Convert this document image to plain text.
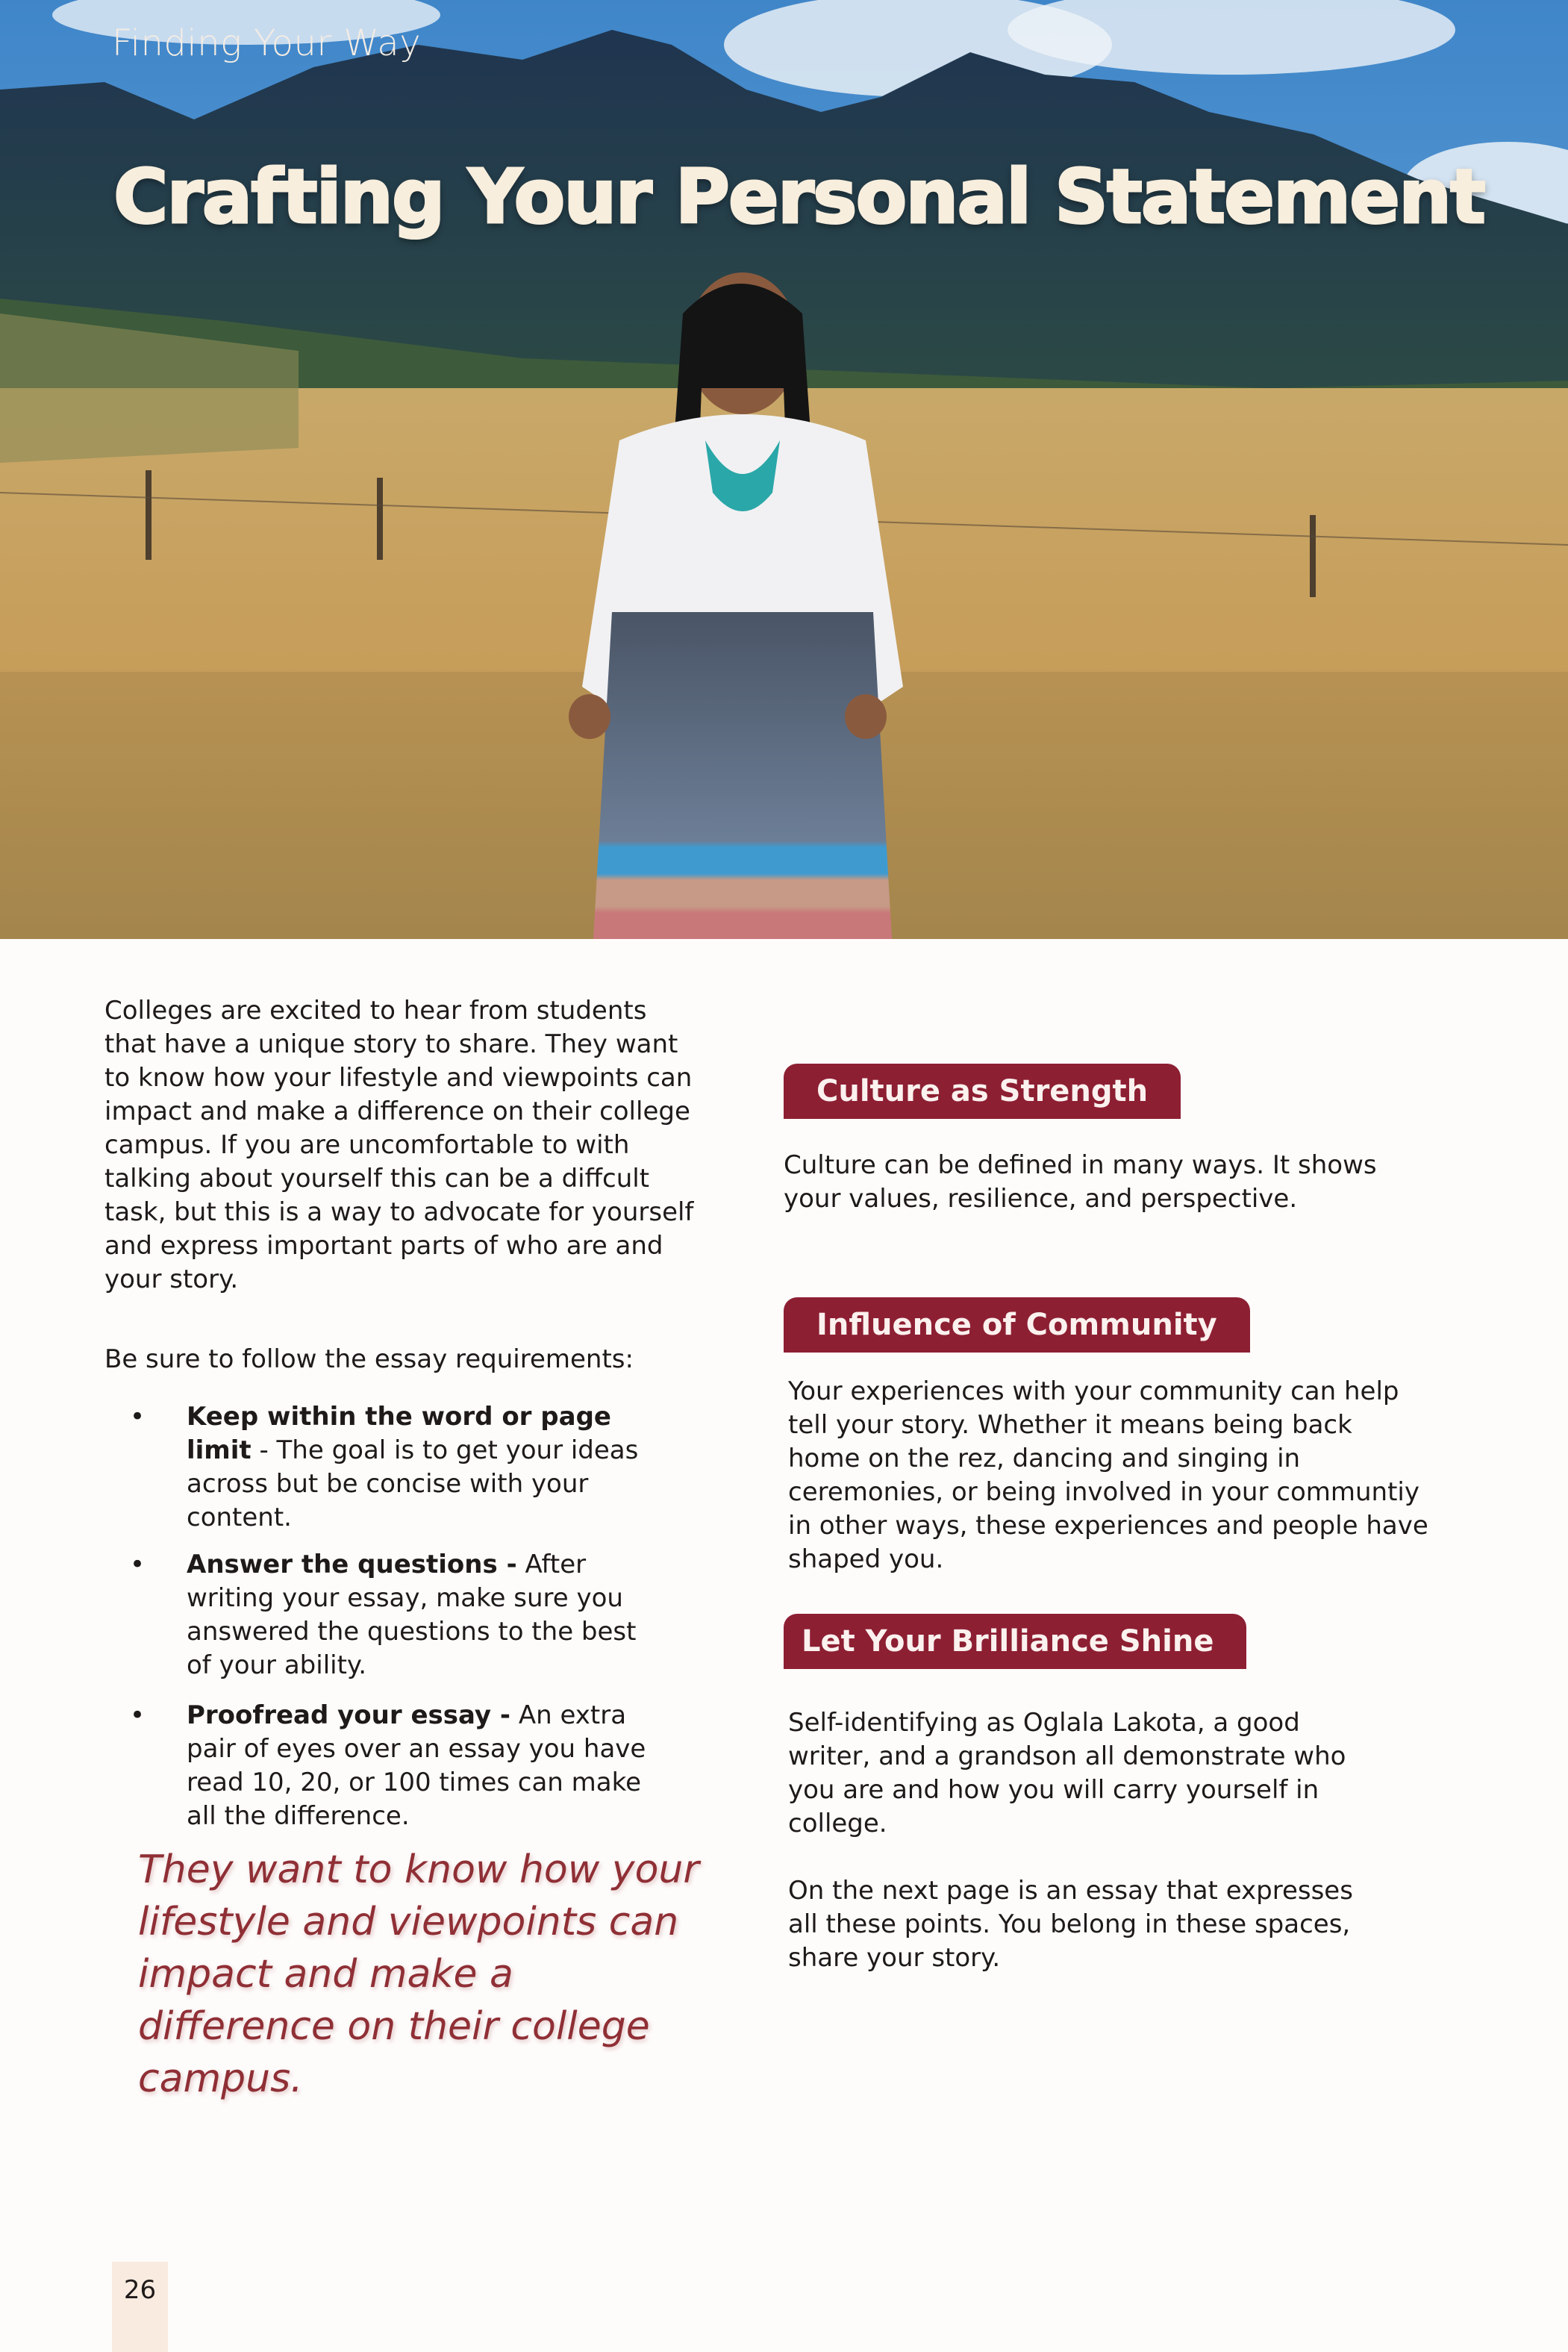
Finding Your Way
Crafting Your Personal Statement

Colleges are excited to hear from students that have a unique story to share. They want to know how your lifestyle and viewpoints can impact and make a difference on their college campus. If you are uncomfortable to with talking about yourself this can be a diffcult task, but this is a way to advocate for yourself and express important parts of who are and your story.

Be sure to follow the essay requirements:

• Keep within the word or page limit - The goal is to get your ideas across but be concise with your content.
• Answer the questions - After writing your essay, make sure you answered the questions to the best of your ability.
• Proofread your essay - An extra pair of eyes over an essay you have read 10, 20, or 100 times can make all the difference.
They want to know how your lifestyle and viewpoints can impact and make a difference on their college campus.
Culture as Strength

Culture can be defined in many ways. It shows your values, resilience, and perspective.

Influence of Community

Your experiences with your community can help tell your story. Whether it means being back home on the rez, dancing and singing in ceremonies, or being involved in your communtiy in other ways, these experiences and people have shaped you.

Let Your Brilliance Shine

Self-identifying as Oglala Lakota, a good writer, and a grandson all demonstrate who you are and how you will carry yourself in college.

On the next page is an essay that expresses all these points. You belong in these spaces, share your story.

26
